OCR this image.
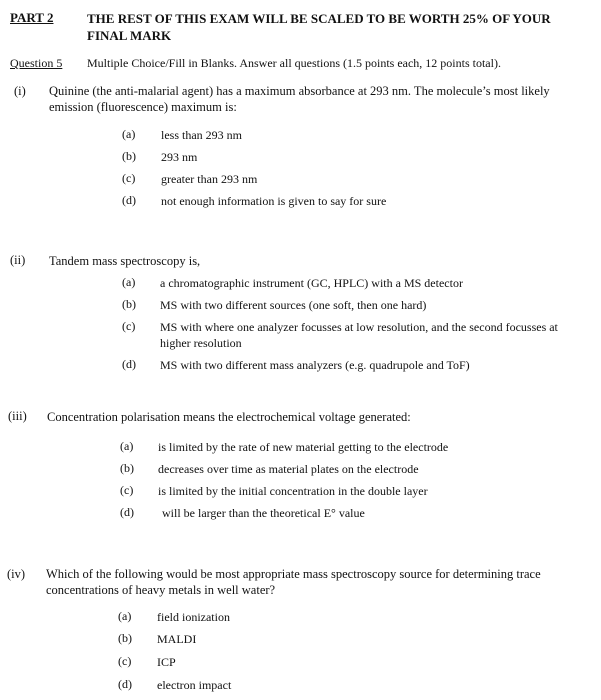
PART 2	THE REST OF THIS EXAM WILL BE SCALED TO BE WORTH 25% OF YOUR FINAL MARK
Question 5 Multiple Choice/Fill in Blanks. Answer all questions (1.5 points each, 12 points total).
(i) Quinine (the anti-malarial agent) has a maximum absorbance at 293 nm. The molecule’s most likely emission (fluorescence) maximum is:
(a) less than 293 nm
(b) 293 nm
(c) greater than 293 nm
(d) not enough information is given to say for sure
(ii) Tandem mass spectroscopy is,
(a) a chromatographic instrument (GC, HPLC) with a MS detector
(b) MS with two different sources (one soft, then one hard)
(c) MS with where one analyzer focusses at low resolution, and the second focusses at higher resolution
(d) MS with two different mass analyzers (e.g. quadrupole and ToF)
(iii) Concentration polarisation means the electrochemical voltage generated:
(a) is limited by the rate of new material getting to the electrode
(b) decreases over time as material plates on the electrode
(c) is limited by the initial concentration in the double layer
(d) will be larger than the theoretical E° value
(iv) Which of the following would be most appropriate mass spectroscopy source for determining trace concentrations of heavy metals in well water?
(a) field ionization
(b) MALDI
(c) ICP
(d) electron impact
